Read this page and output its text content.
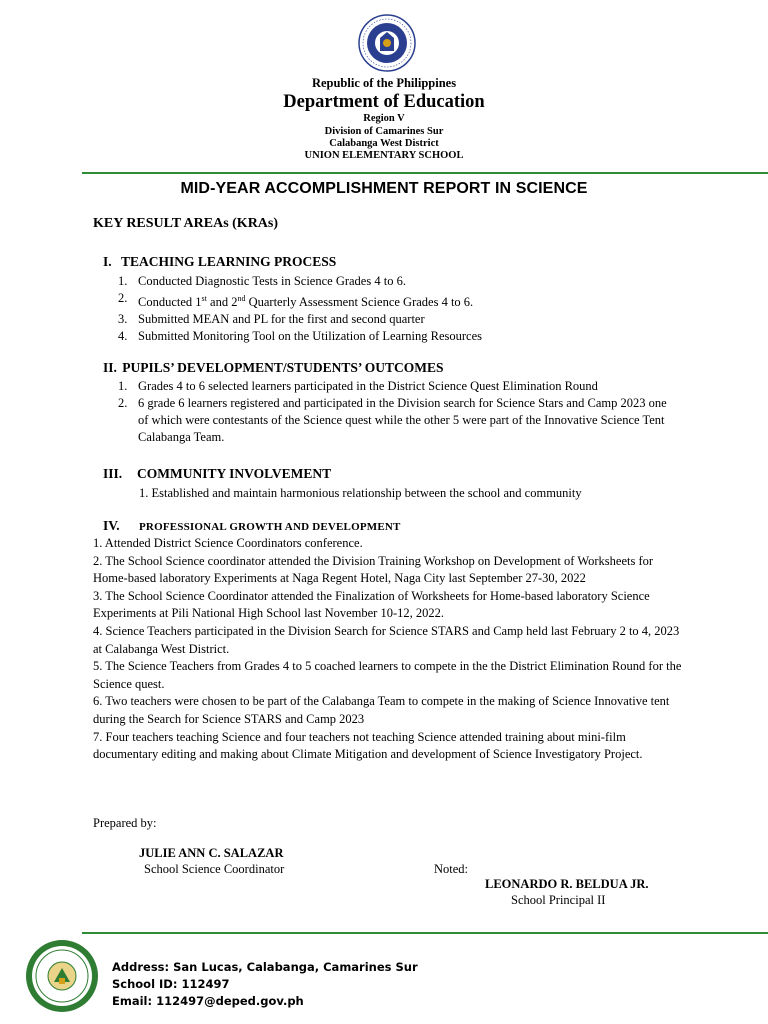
Republic of the Philippines
Department of Education
Region V
Division of Camarines Sur
Calabanga West District
UNION ELEMENTARY SCHOOL
MID-YEAR ACCOMPLISHMENT REPORT IN SCIENCE
KEY RESULT AREAs (KRAs)
I. TEACHING LEARNING PROCESS
1. Conducted Diagnostic Tests in Science Grades 4 to 6.
2. Conducted 1st and 2nd Quarterly Assessment Science Grades 4 to 6.
3. Submitted MEAN and PL for the first and second quarter
4. Submitted Monitoring Tool on the Utilization of Learning Resources
II. PUPILS’ DEVELOPMENT/STUDENTS’ OUTCOMES
1. Grades 4 to 6 selected learners participated in the District Science Quest Elimination Round
2. 6 grade 6 learners registered and participated in the Division search for Science Stars and Camp 2023 one of which were contestants of the Science quest while the other 5 were part of the Innovative Science Tent Calabanga Team.
III. COMMUNITY INVOLVEMENT
1. Established and maintain harmonious relationship between the school and community
IV. PROFESSIONAL GROWTH AND DEVELOPMENT
1. Attended District Science Coordinators conference.
2. The School Science coordinator attended the Division Training Workshop on Development of Worksheets for Home-based laboratory Experiments at Naga Regent Hotel, Naga City last September 27-30, 2022
3. The School Science Coordinator attended the Finalization of Worksheets for Home-based laboratory Science Experiments at Pili National High School last November 10-12, 2022.
4. Science Teachers participated in the Division Search for Science STARS and Camp held last February 2 to 4, 2023 at Calabanga West District.
5. The Science Teachers from Grades 4 to 5 coached learners to compete in the the District Elimination Round for the Science quest.
6. Two teachers were chosen to be part of the Calabanga Team to compete in the making of Science Innovative tent during the Search for Science STARS and Camp 2023
7. Four teachers teaching Science and four teachers not teaching Science attended training about mini-film documentary editing and making about Climate Mitigation and development of Science Investigatory Project.
Prepared by:
JULIE ANN C. SALAZAR
School Science Coordinator	Noted:
LEONARDO R. BELDUA JR.
School Principal II
Address: San Lucas, Calabanga, Camarines Sur
School ID: 112497
Email: 112497@deped.gov.ph
